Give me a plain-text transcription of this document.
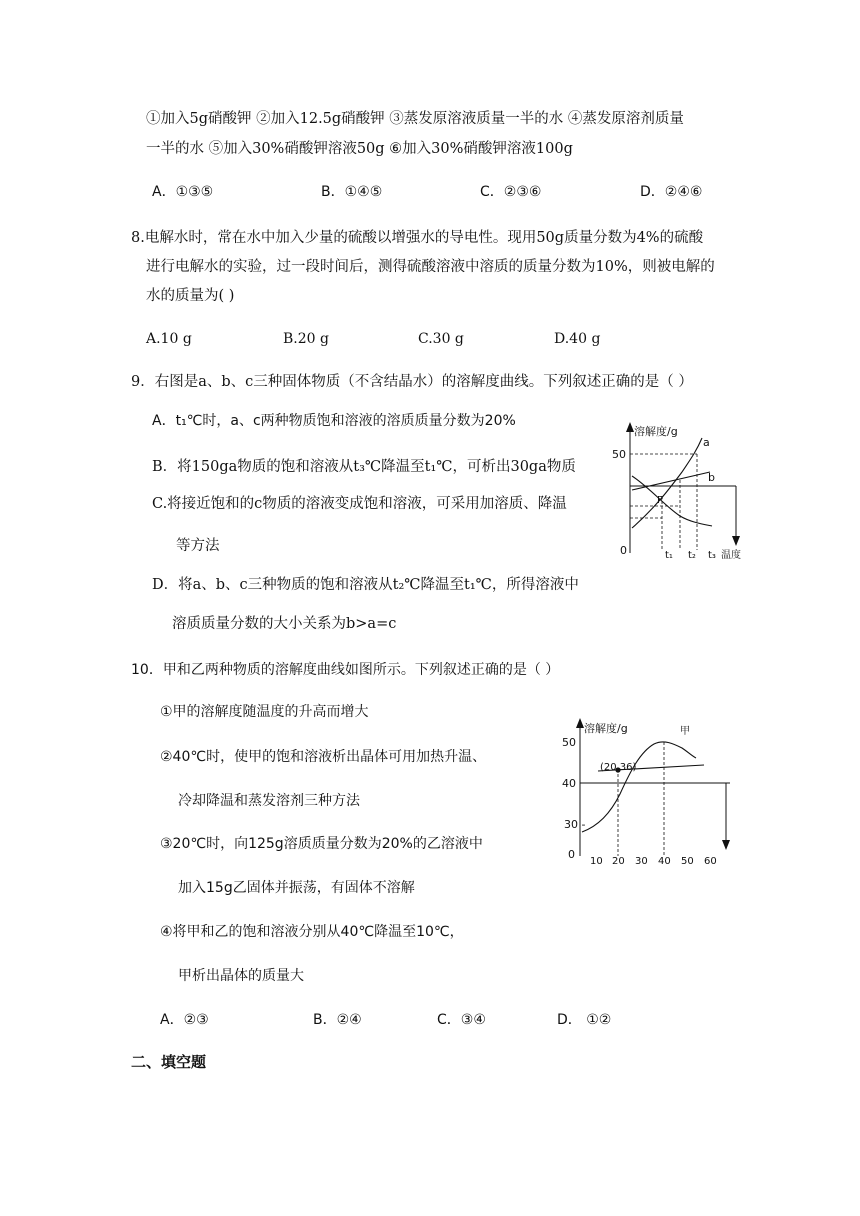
①加入5g硝酸钾 ②加入12.5g硝酸钾 ③蒸发原溶液质量一半的水 ④蒸发原溶剂质量
一半的水 ⑤加入30%硝酸钾溶液50g ⑥加入30%硝酸钾溶液100g
A．①③⑤	B．①④⑤	C．②③⑥	D．②④⑥
8.电解水时，常在水中加入少量的硫酸以增强水的导电性。现用50g质量分数为4%的硫酸
进行电解水的实验，过一段时间后，测得硫酸溶液中溶质的质量分数为10%，则被电解的
水的质量为( )
A.10 g	B.20 g	C.30 g	D.40 g
9．右图是a、b、c三种固体物质（不含结晶水）的溶解度曲线。下列叙述正确的是（ ）
A．t₁℃时，a、c两种物质饱和溶液的溶质质量分数为20%
B．将150ga物质的饱和溶液从t₃℃降温至t₁℃，可析出30ga物质
C.将接近饱和的c物质的溶液变成饱和溶液，可采用加溶质、降温
等方法
D．将a、b、c三种物质的饱和溶液从t₂℃降温至t₁℃，所得溶液中
溶质质量分数的大小关系为b>a=c
溶解度/g
50
0	t₁ t₂ t₃ 温度
a
b
P
10．甲和乙两种物质的溶解度曲线如图所示。下列叙述正确的是（ ）
①甲的溶解度随温度的升高而增大
②40℃时，使甲的饱和溶液析出晶体可用加热升温、
冷却降温和蒸发溶剂三种方法
③20℃时，向125g溶质质量分数为20%的乙溶液中
加入15g乙固体并振荡，有固体不溶解
④将甲和乙的饱和溶液分别从40℃降温至10℃，
甲析出晶体的质量大
A．②③	B．②④	C．③④	D． ①②
溶解度/g	甲
50
40
30 -
0
(20,36)
10 20 30 40 50 60
二、填空题
